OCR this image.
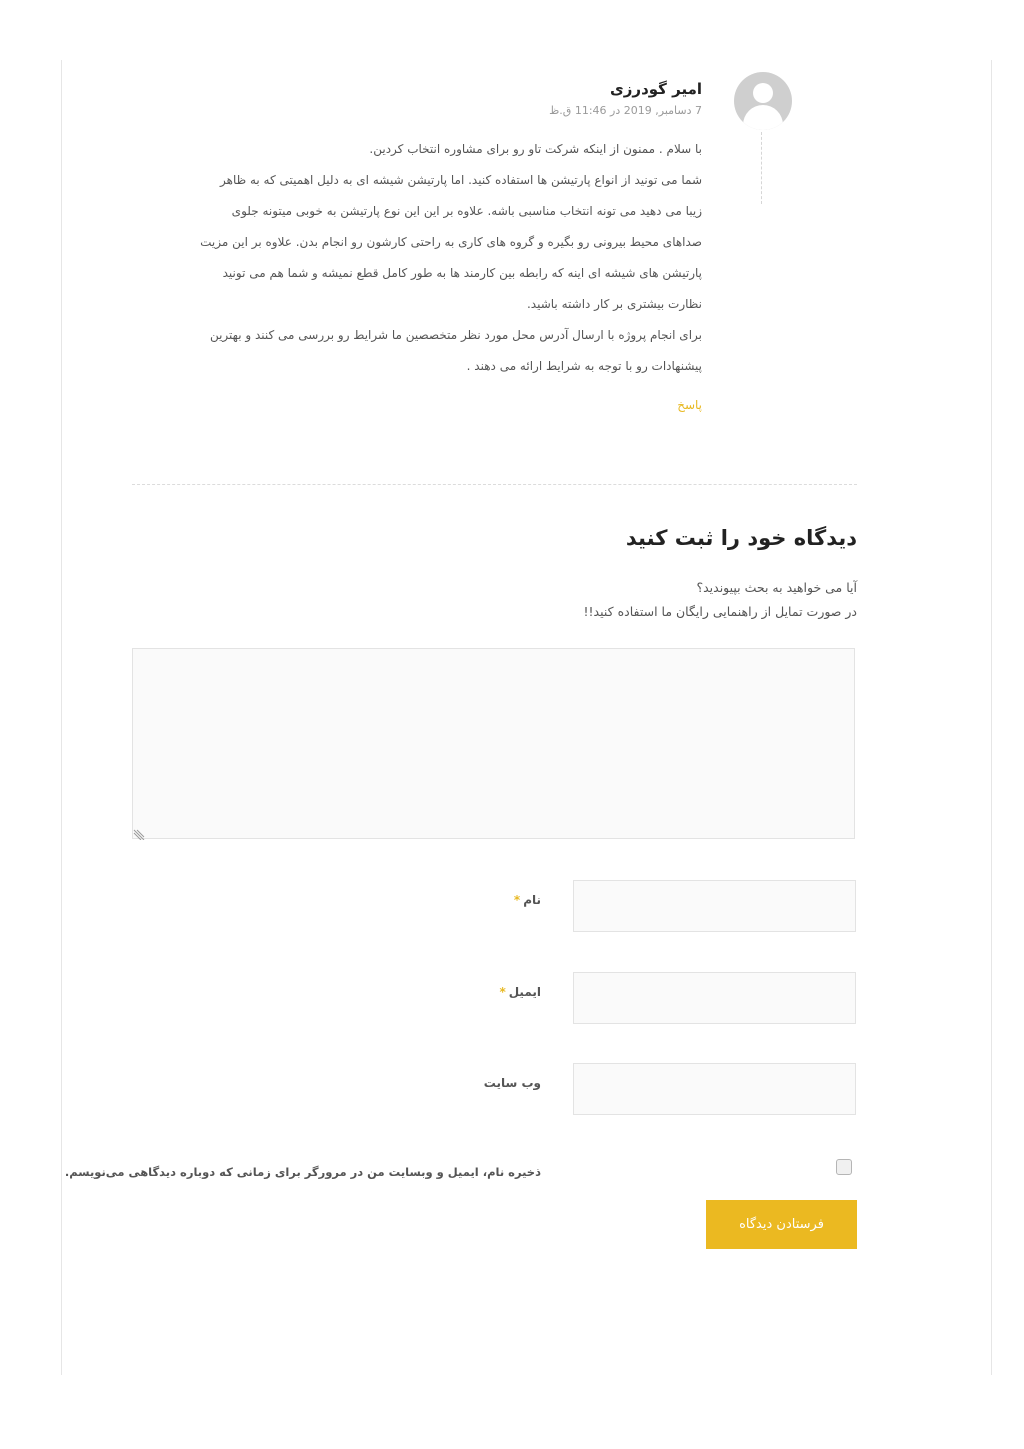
امیر گودرزی
7 دسامبر, 2019 در 11:46 ق.ظ

با سلام . ممنون از اینکه شرکت تاو رو برای مشاوره انتخاب کردین.

شما می تونید از انواع پارتیشن ها استفاده کنید. اما پارتیشن شیشه ای به دلیل اهمیتی که به ظاهر

زیبا می دهید می تونه انتخاب مناسبی باشه. علاوه بر این این نوع پارتیشن به خوبی میتونه جلوی

صداهای محیط بیرونی رو بگیره و گروه های کاری به راحتی کارشون رو انجام بدن. علاوه بر این مزیت

پارتیشن های شیشه ای اینه که رابطه بین کارمند ها به طور کامل قطع نمیشه و شما هم می تونید

نظارت بیشتری بر کار داشته باشید.

برای انجام پروژه با ارسال آدرس محل مورد نظر متخصصین ما شرایط رو بررسی می کنند و بهترین

پیشنهادات رو با توجه به شرایط ارائه می دهند .

پاسخ
دیدگاه خود را ثبت کنید
آیا می خواهید به بحث بپیوندید؟
در صورت تمایل از راهنمایی رایگان ما استفاده کنید!!
نام*
ایمیل*
وب سایت
ذخیره نام، ایمیل و وبسایت من در مرورگر برای زمانی که دوباره دیدگاهی می‌نویسم.
فرستادن دیدگاه
